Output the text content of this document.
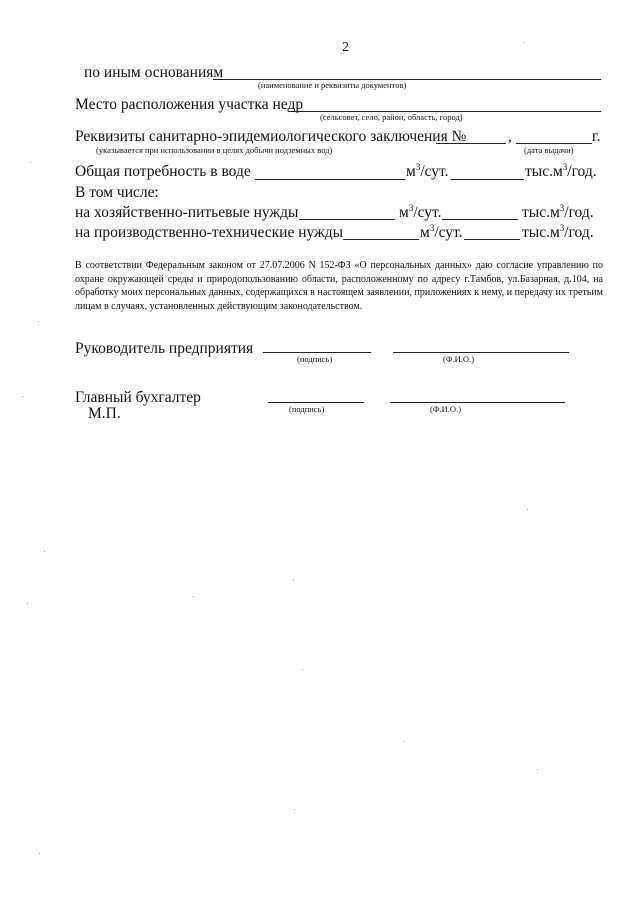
2
по иным основаниям
(наименование и реквизиты документов)
Место расположения участка недр
(сельсовет, село, район, область, город)
Реквизиты санитарно-эпидемиологического заключения №	,	г.
(указывается при использовании в целях добычи подземных вод)	(дата выдачи)
Общая потребность в воде	$м^3$/сут.	$тыс.м^3$/год.
В том числе:
на хозяйственно-питьевые нужды	$м^3$/сут.	$тыс.м^3$/год.
на производственно-технические нужды	$м^3$/сут.	$тыс.м^3$/год.
В соответствии Федеральным законом от 27.07.2006 N 152-ФЗ «О персональных данных» даю согласие управлению по охране окружающей среды и природопользованию области, расположенному по адресу г.Тамбов, ул.Базарная, д.104, на обработку моих персональных данных, содержащихся в настоящем заявлении, приложениях к нему, и передачу их третьим лицам в случаях, установленных действующим законодательством.
Руководитель предприятия
(подпись)	(Ф.И.О.)
Главный бухгалтер
(подпись)	(Ф.И.О.)
М.П.
